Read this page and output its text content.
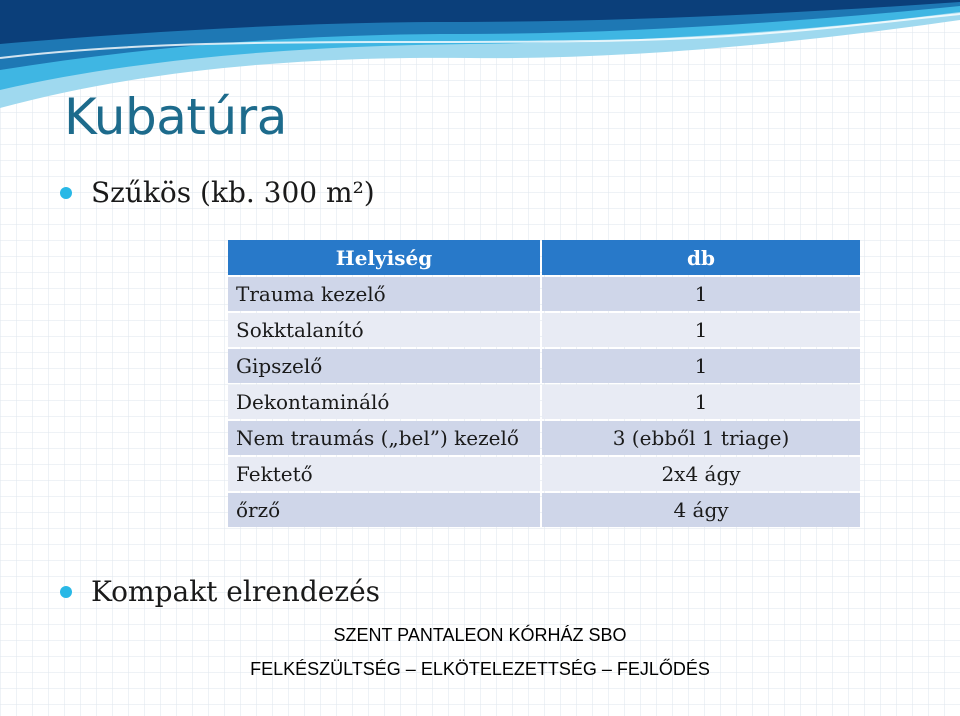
Kubatúra
Szűkös (kb. 300 m²)
Helyiség	db
Trauma kezelő	1
Sokktalanító	1
Gipszelő	1
Dekontamináló	1
Nem traumás („bel”) kezelő	3 (ebből 1 triage)
Fektető	2x4 ágy
őrző	4 ágy
Kompakt elrendezés
SZENT PANTALEON KÓRHÁZ SBO
FELKÉSZÜLTSÉG – ELKÖTELEZETTSÉG – FEJLŐDÉS
